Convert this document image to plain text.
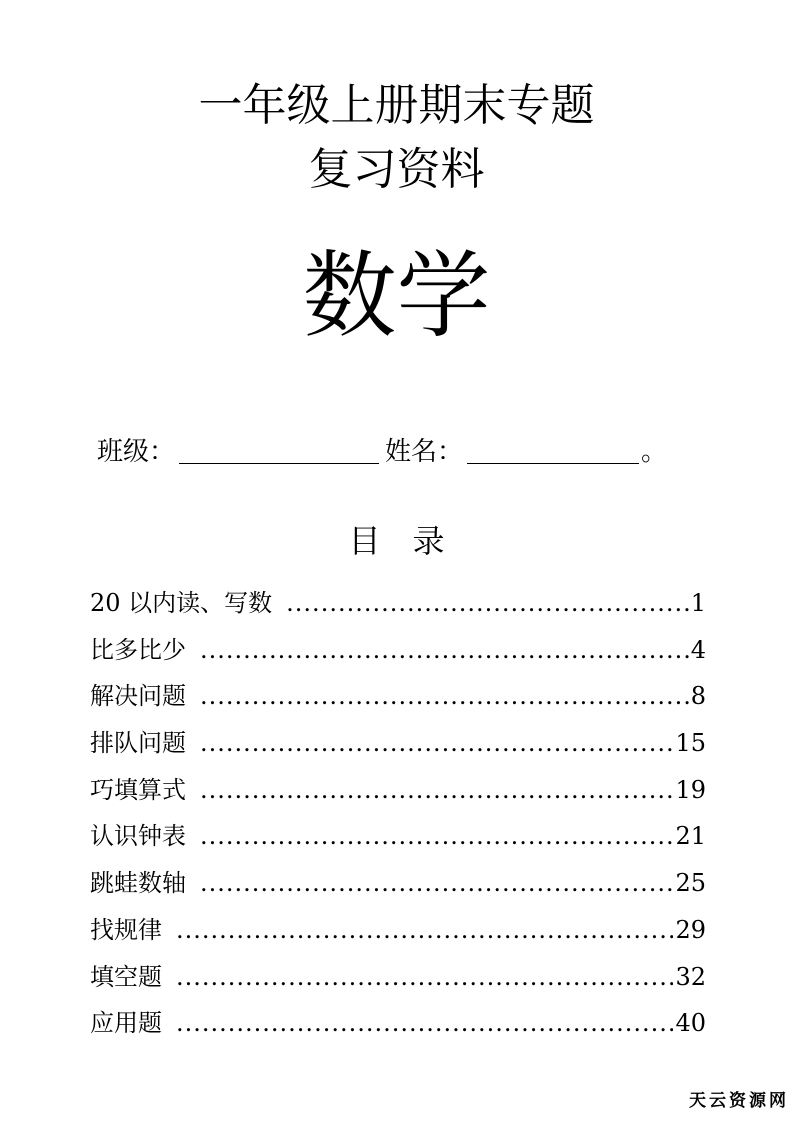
一年级上册期末专题
复习资料
数学
班级：	姓名：	。
目　录
20 以内读、写数 .....	1
比多比少 .....	4
解决问题 .....	8
排队问题 .....	15
巧填算式 .....	19
认识钟表 .....	21
跳蛙数轴 .....	25
找规律 .....	29
填空题 .....	32
应用题 .....	40
天云资源网
